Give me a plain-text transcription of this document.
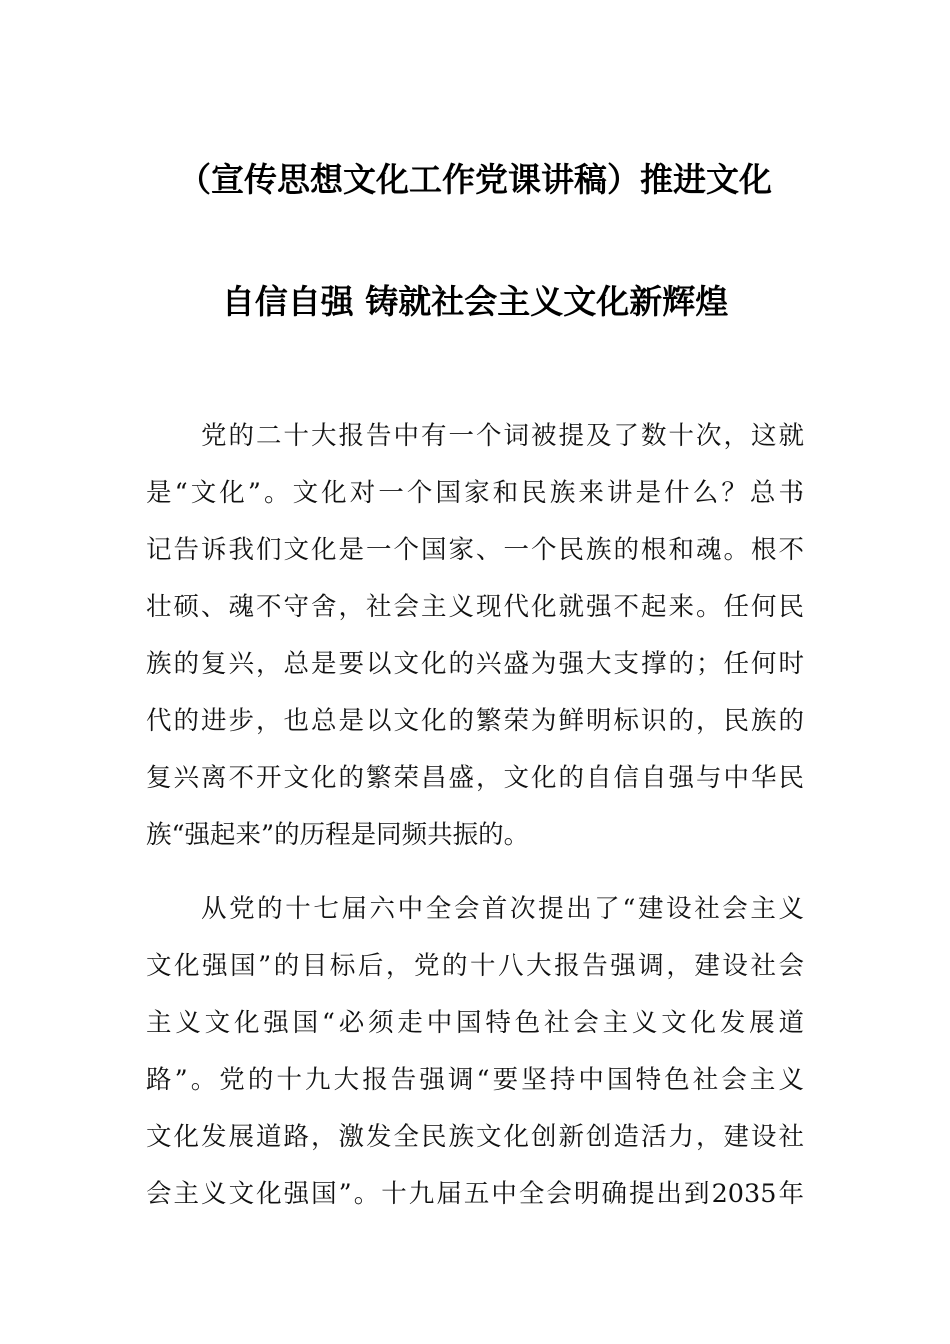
（宣传思想文化工作党课讲稿）推进文化
自信自强 铸就社会主义文化新辉煌
党的二十大报告中有一个词被提及了数十次，这就
是“文化”。文化对一个国家和民族来讲是什么？总书
记告诉我们文化是一个国家、一个民族的根和魂。根不
壮硕、魂不守舍，社会主义现代化就强不起来。任何民
族的复兴，总是要以文化的兴盛为强大支撑的；任何时
代的进步，也总是以文化的繁荣为鲜明标识的，民族的
复兴离不开文化的繁荣昌盛，文化的自信自强与中华民
族“强起来”的历程是同频共振的。
从党的十七届六中全会首次提出了“建设社会主义
文化强国”的目标后，党的十八大报告强调，建设社会
主义文化强国“必须走中国特色社会主义文化发展道
路”。党的十九大报告强调“要坚持中国特色社会主义
文化发展道路，激发全民族文化创新创造活力，建设社
会主义文化强国”。十九届五中全会明确提出到2035年
